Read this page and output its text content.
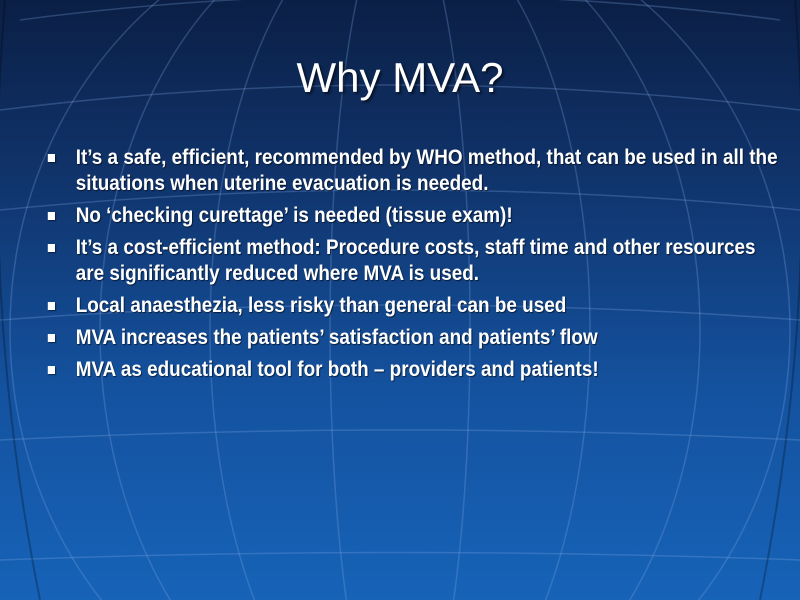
Why MVA?
It’s a safe, efficient, recommended by WHO method, that can be used in all the situations when uterine evacuation is needed.
No ‘checking curettage’ is needed (tissue exam)!
It’s a cost-efficient method: Procedure costs, staff time and other resources are significantly reduced where MVA is used.
Local anaesthezia, less risky than general can be used
MVA increases the patients’ satisfaction and patients’ flow
MVA as educational tool for both – providers and patients!
